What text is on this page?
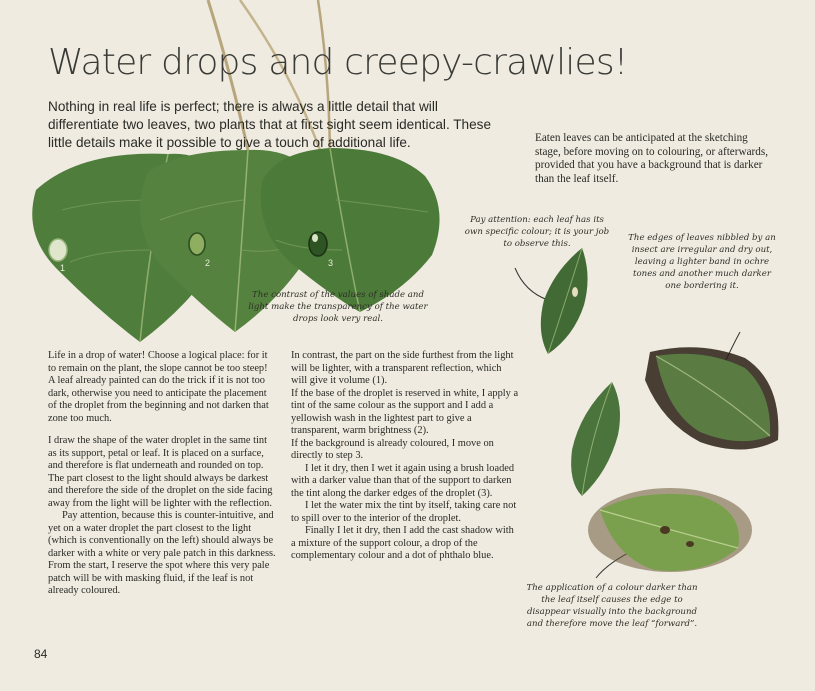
1	2	3
Water drops and creepy-crawlies!

Nothing in real life is perfect; there is always a little detail that will differentiate two leaves, two plants that at first sight seem identical. These little details make it possible to give a touch of additional life.	Eaten leaves can be anticipated at the sketching stage, before moving on to colouring, or afterwards, provided that you have a background that is darker than the leaf itself.

Pay attention: each leaf has its own specific colour; it is your job to observe this.

The edges of leaves nibbled by an insect are irregular and dry out, leaving a lighter band in ochre tones and another much darker one bordering it.

The contrast of the values of shade and light make the transparency of the water drops look very real.

The application of a colour darker than the leaf itself causes the edge to disappear visually into the background and therefore move the leaf “forward”.

Life in a drop of water! Choose a logical place: for it to remain on the plant, the slope cannot be too steep! A leaf already painted can do the trick if it is not too dark, otherwise you need to anticipate the placement of the droplet from the beginning and not darken that zone too much.

I draw the shape of the water droplet in the same tint as its support, petal or leaf. It is placed on a surface, and therefore is flat underneath and rounded on top. The part closest to the light should always be darkest and therefore the side of the droplet on the side facing away from the light will be lighter with the reflection.

Pay attention, because this is counter-intuitive, and yet on a water droplet the part closest to the light (which is conventionally on the left) should always be darker with a white or very pale patch in this darkness. From the start, I reserve the spot where this very pale patch will be with masking fluid, if the leaf is not already coloured.

In contrast, the part on the side furthest from the light will be lighter, with a transparent reflection, which will give it volume (1).

If the base of the droplet is reserved in white, I apply a tint of the same colour as the support and I add a yellowish wash in the lightest part to give a transparent, warm brightness (2).

If the background is already coloured, I move on directly to step 3.

I let it dry, then I wet it again using a brush loaded with a darker value than that of the support to darken the tint along the darker edges of the droplet (3).

I let the water mix the tint by itself, taking care not to spill over to the interior of the droplet.

Finally I let it dry, then I add the cast shadow with a mixture of the support colour, a drop of the complementary colour and a dot of phthalo blue.

84
